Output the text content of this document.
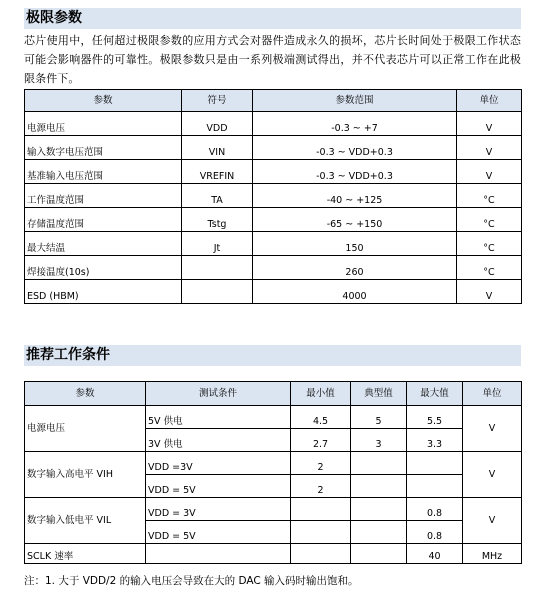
极限参数
芯片使用中，任何超过极限参数的应用方式会对器件造成永久的损坏，芯片长时间处于极限工作状态可能会影响器件的可靠性。极限参数只是由一系列极端测试得出，并不代表芯片可以正常工作在此极限条件下。
参数	符号	参数范围	单位
电源电压	VDD	-0.3 ~ +7	V
输入数字电压范围	VIN	-0.3 ~ VDD+0.3	V
基准输入电压范围	VREFIN	-0.3 ~ VDD+0.3	V
工作温度范围	TA	-40 ~ +125	°C
存储温度范围	Tstg	-65 ~ +150	°C
最大结温	Jt	150	°C
焊接温度(10s)		260	°C
ESD (HBM)		4000	V
推荐工作条件
参数	测试条件	最小值	典型值	最大值	单位
电源电压	5V 供电	4.5	5	5.5	V
	3V 供电	2.7	3	3.3	
数字输入高电平 VIH	VDD =3V	2			V
	VDD = 5V	2			
数字输入低电平 VIL	VDD = 3V			0.8	V
	VDD = 5V			0.8	
SCLK 速率				40	MHz
注：1. 大于 VDD/2 的输入电压会导致在大的 DAC 输入码时输出饱和。
